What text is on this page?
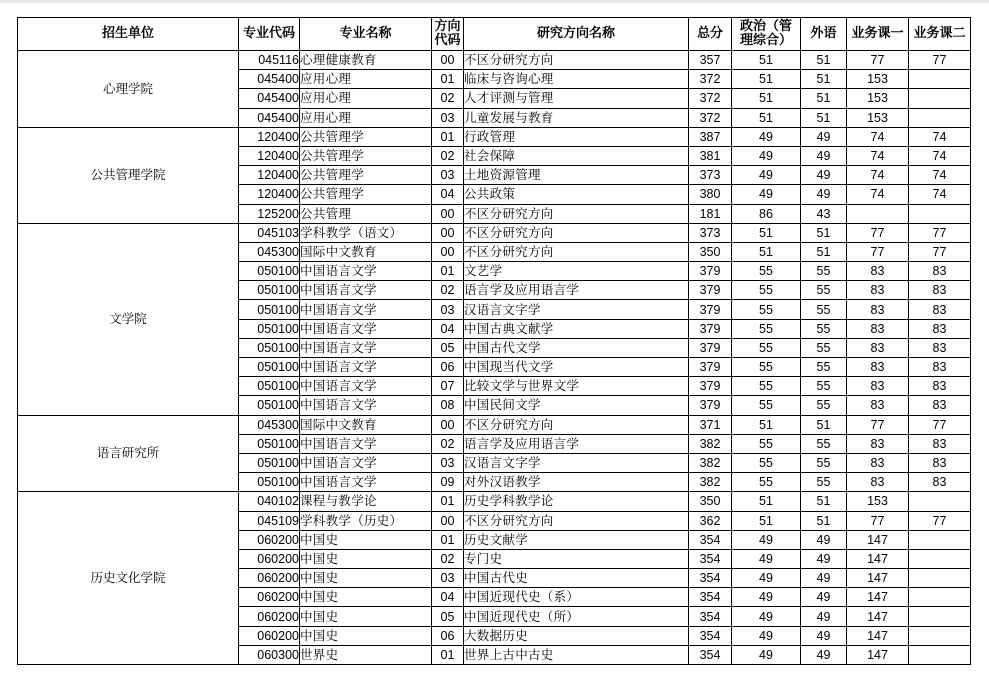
招生单位	专业代码	专业名称	方向代码	研究方向名称	总分	政治（管理综合）	外语	业务课一	业务课二
心理学院	045116	心理健康教育	00	不区分研究方向	357	51	51	77	77
	045400	应用心理	01	临床与咨询心理	372	51	51	153	
	045400	应用心理	02	人才评测与管理	372	51	51	153	
	045400	应用心理	03	儿童发展与教育	372	51	51	153	
公共管理学院	120400	公共管理学	01	行政管理	387	49	49	74	74
	120400	公共管理学	02	社会保障	381	49	49	74	74
	120400	公共管理学	03	土地资源管理	373	49	49	74	74
	120400	公共管理学	04	公共政策	380	49	49	74	74
	125200	公共管理	00	不区分研究方向	181	86	43		
文学院	045103	学科教学（语文）	00	不区分研究方向	373	51	51	77	77
	045300	国际中文教育	00	不区分研究方向	350	51	51	77	77
	050100	中国语言文学	01	文艺学	379	55	55	83	83
	050100	中国语言文学	02	语言学及应用语言学	379	55	55	83	83
	050100	中国语言文学	03	汉语言文字学	379	55	55	83	83
	050100	中国语言文学	04	中国古典文献学	379	55	55	83	83
	050100	中国语言文学	05	中国古代文学	379	55	55	83	83
	050100	中国语言文学	06	中国现当代文学	379	55	55	83	83
	050100	中国语言文学	07	比较文学与世界文学	379	55	55	83	83
	050100	中国语言文学	08	中国民间文学	379	55	55	83	83
语言研究所	045300	国际中文教育	00	不区分研究方向	371	51	51	77	77
	050100	中国语言文学	02	语言学及应用语言学	382	55	55	83	83
	050100	中国语言文学	03	汉语言文字学	382	55	55	83	83
	050100	中国语言文学	09	对外汉语教学	382	55	55	83	83
历史文化学院	040102	课程与教学论	01	历史学科教学论	350	51	51	153	
	045109	学科教学（历史）	00	不区分研究方向	362	51	51	77	77
	060200	中国史	01	历史文献学	354	49	49	147	
	060200	中国史	02	专门史	354	49	49	147	
	060200	中国史	03	中国古代史	354	49	49	147	
	060200	中国史	04	中国近现代史（系）	354	49	49	147	
	060200	中国史	05	中国近现代史（所）	354	49	49	147	
	060200	中国史	06	大数据历史	354	49	49	147	
	060300	世界史	01	世界上古中古史	354	49	49	147	
